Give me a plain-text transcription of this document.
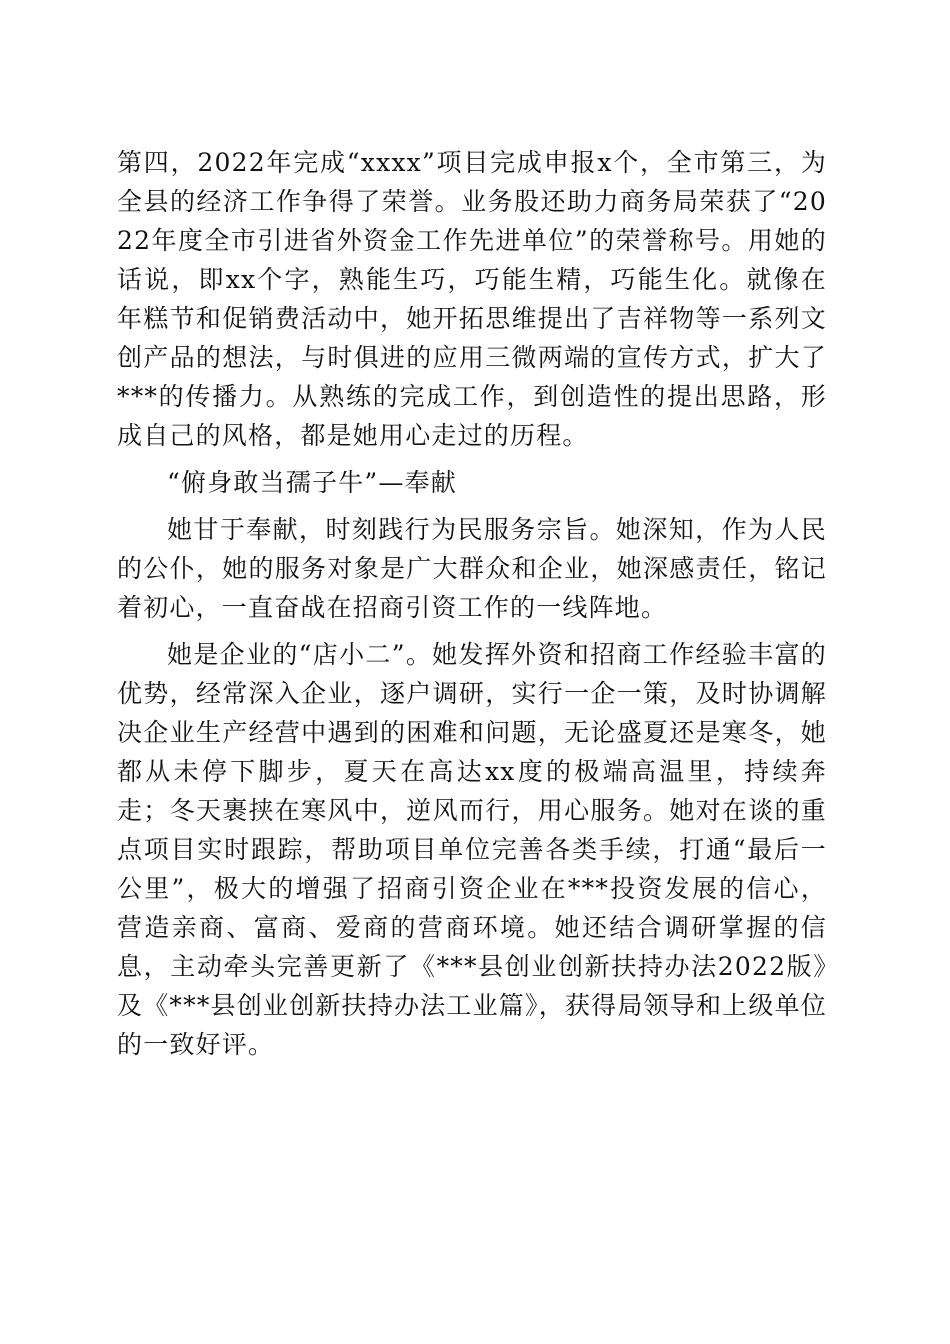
第四，2022年完成“xxxx”项目完成申报x个，全市第三，为全县的经济工作争得了荣誉。业务股还助力商务局荣获了“2022年度全市引进省外资金工作先进单位”的荣誉称号。用她的话说，即xx个字，熟能生巧，巧能生精，巧能生化。就像在年糕节和促销费活动中，她开拓思维提出了吉祥物等一系列文创产品的想法，与时俱进的应用三微两端的宣传方式，扩大了***的传播力。从熟练的完成工作，到创造性的提出思路，形成自己的风格，都是她用心走过的历程。

“俯身敢当孺子牛”—奉献

她甘于奉献，时刻践行为民服务宗旨。她深知，作为人民的公仆，她的服务对象是广大群众和企业，她深感责任，铭记着初心，一直奋战在招商引资工作的一线阵地。

她是企业的“店小二”。她发挥外资和招商工作经验丰富的优势，经常深入企业，逐户调研，实行一企一策，及时协调解决企业生产经营中遇到的困难和问题，无论盛夏还是寒冬，她都从未停下脚步，夏天在高达xx度的极端高温里，持续奔走；冬天裹挟在寒风中，逆风而行，用心服务。她对在谈的重点项目实时跟踪，帮助项目单位完善各类手续，打通“最后一公里”，极大的增强了招商引资企业在***投资发展的信心，营造亲商、富商、爱商的营商环境。她还结合调研掌握的信息，主动牵头完善更新了《***县创业创新扶持办法2022版》及《***县创业创新扶持办法工业篇》，获得局领导和上级单位的一致好评。
